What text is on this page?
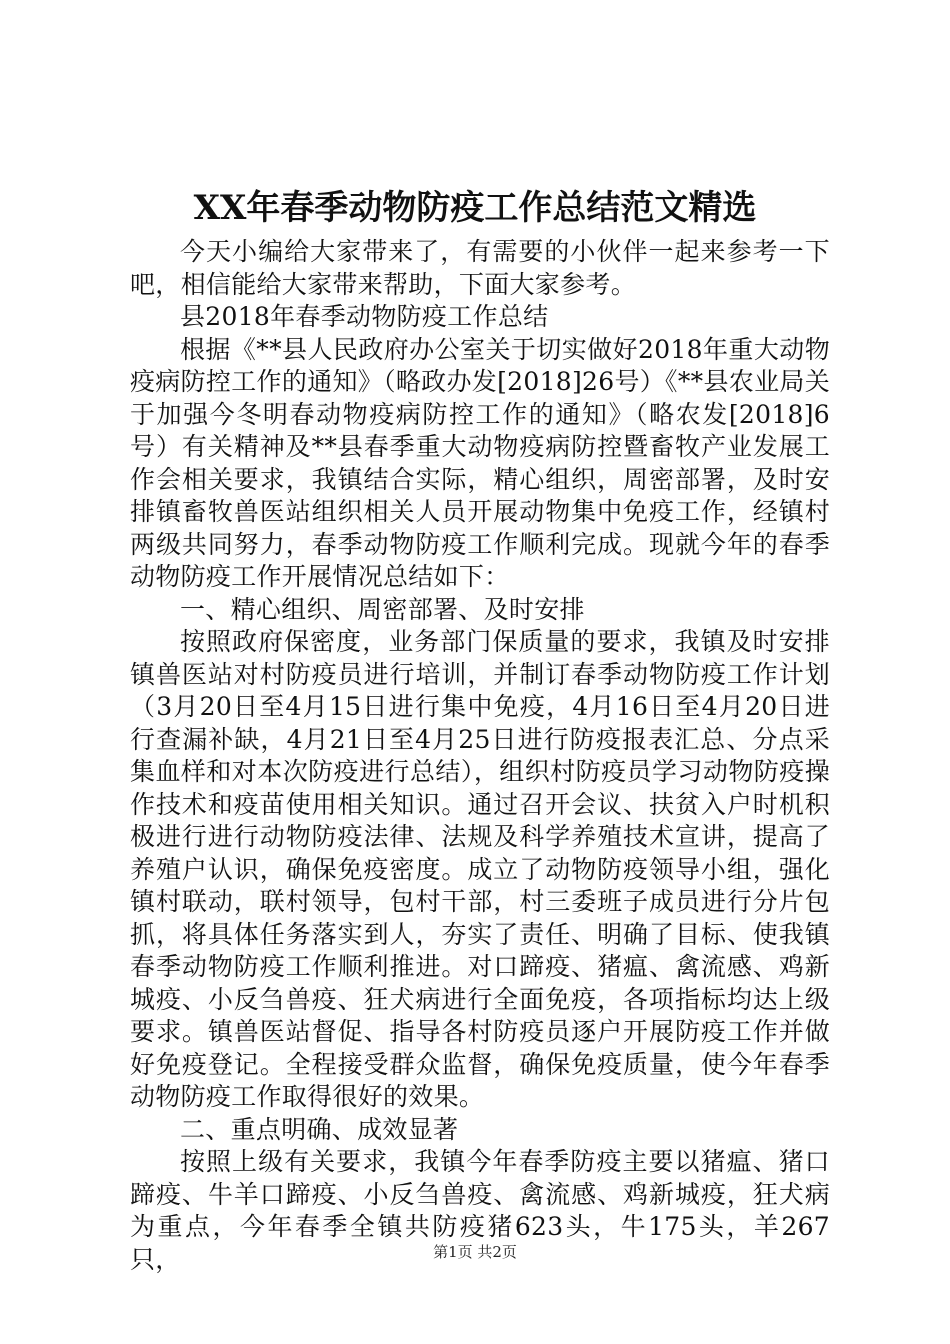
XX年春季动物防疫工作总结范文精选

今天小编给大家带来了，有需要的小伙伴一起来参考一下吧，相信能给大家带来帮助，下面大家参考。

县2018年春季动物防疫工作总结

根据《**县人民政府办公室关于切实做好2018年重大动物疫病防控工作的通知》（略政办发[2018]26号）《**县农业局关于加强今冬明春动物疫病防控工作的通知》（略农发[2018]6号）有关精神及**县春季重大动物疫病防控暨畜牧产业发展工作会相关要求，我镇结合实际，精心组织，周密部署，及时安排镇畜牧兽医站组织相关人员开展动物集中免疫工作，经镇村两级共同努力，春季动物防疫工作顺利完成。现就今年的春季动物防疫工作开展情况总结如下：

一、精心组织、周密部署、及时安排

按照政府保密度，业务部门保质量的要求，我镇及时安排镇兽医站对村防疫员进行培训，并制订春季动物防疫工作计划（3月20日至4月15日进行集中免疫，4月16日至4月20日进行查漏补缺，4月21日至4月25日进行防疫报表汇总、分点采集血样和对本次防疫进行总结），组织村防疫员学习动物防疫操作技术和疫苗使用相关知识。通过召开会议、扶贫入户时机积极进行进行动物防疫法律、法规及科学养殖技术宣讲，提高了养殖户认识，确保免疫密度。成立了动物防疫领导小组，强化镇村联动，联村领导，包村干部，村三委班子成员进行分片包抓，将具体任务落实到人，夯实了责任、明确了目标、使我镇春季动物防疫工作顺利推进。对口蹄疫、猪瘟、禽流感、鸡新城疫、小反刍兽疫、狂犬病进行全面免疫，各项指标均达上级要求。镇兽医站督促、指导各村防疫员逐户开展防疫工作并做好免疫登记。全程接受群众监督，确保免疫质量，使今年春季动物防疫工作取得很好的效果。

二、重点明确、成效显著

按照上级有关要求，我镇今年春季防疫主要以猪瘟、猪口蹄疫、牛羊口蹄疫、小反刍兽疫、禽流感、鸡新城疫，狂犬病为重点，今年春季全镇共防疫猪623头，牛175头，羊267只，	第1页 共2页
